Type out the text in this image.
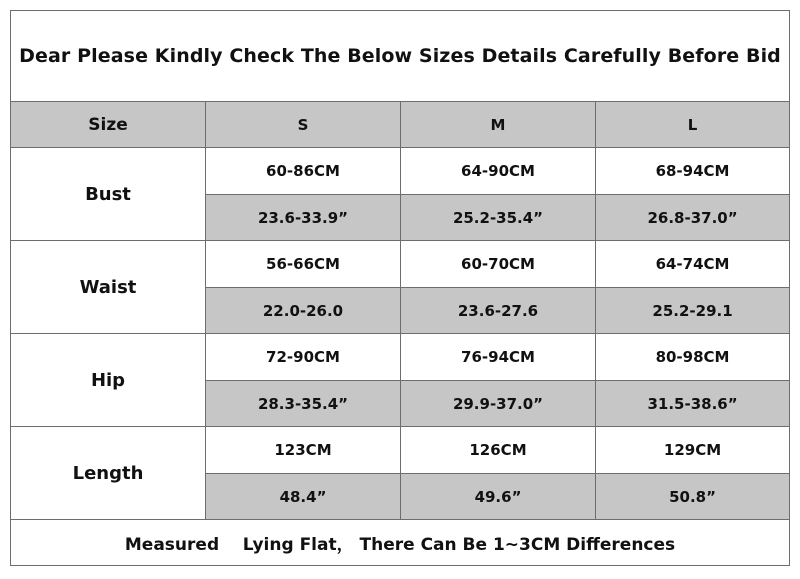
Dear Please Kindly Check The Below Sizes Details Carefully Before Bid			
Size	S	M	L
Bust	60-86CM	64-90CM	68-94CM
	23.6-33.9”	25.2-35.4”	26.8-37.0”
Waist	56-66CM	60-70CM	64-74CM
	22.0-26.0	23.6-27.6	25.2-29.1
Hip	72-90CM	76-94CM	80-98CM
	28.3-35.4”	29.9-37.0”	31.5-38.6”
Length	123CM	126CM	129CM
	48.4”	49.6”	50.8”
Measured    Lying Flat， There Can Be 1~3CM Differences			
